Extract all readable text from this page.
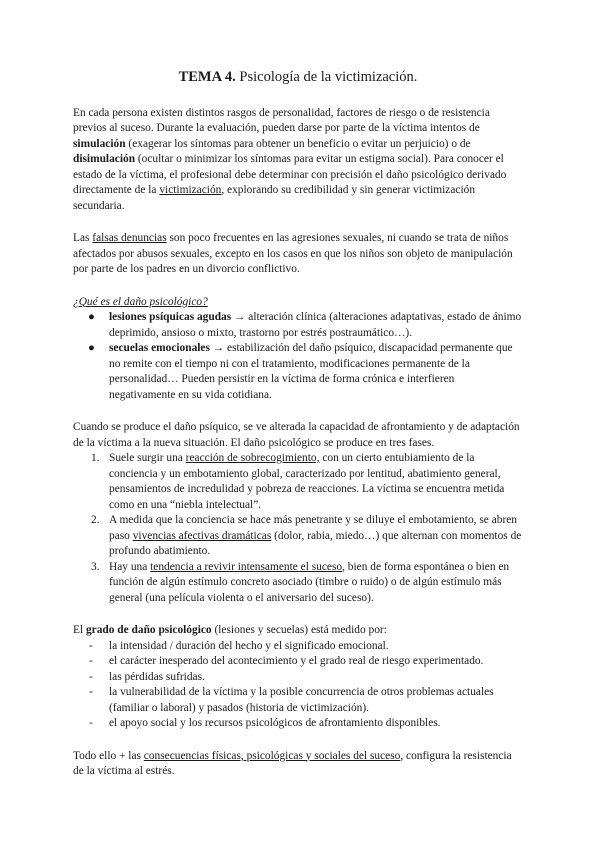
TEMA 4. Psicología de la victimización.

En cada persona existen distintos rasgos de personalidad, factores de riesgo o de resistencia previos al suceso. Durante la evaluación, pueden darse por parte de la víctima intentos de simulación (exagerar los síntomas para obtener un beneficio o evitar un perjuicio) o de disimulación (ocultar o minimizar los síntomas para evitar un estigma social). Para conocer el estado de la víctima, el profesional debe determinar con precisión el daño psicológico derivado directamente de la victimización, explorando su credibilidad y sin generar victimización secundaria.

Las falsas denuncias son poco frecuentes en las agresiones sexuales, ni cuando se trata de niños afectados por abusos sexuales, excepto en los casos en que los niños son objeto de manipulación por parte de los padres en un divorcio conflictivo.

¿Qué es el daño psicológico?
● lesiones psíquicas agudas → alteración clínica (alteraciones adaptativas, estado de ánimo deprimido, ansioso o mixto, trastorno por estrés postraumático…).
● secuelas emocionales → estabilización del daño psíquico, discapacidad permanente que no remite con el tiempo ni con el tratamiento, modificaciones permanente de la personalidad… Pueden persistir en la víctima de forma crónica e interfieren negativamente en su vida cotidiana.

Cuando se produce el daño psíquico, se ve alterada la capacidad de afrontamiento y de adaptación de la víctima a la nueva situación. El daño psicológico se produce en tres fases.

1. Suele surgir una reacción de sobrecogimiento, con un cierto entubiamiento de la conciencia y un embotamiento global, caracterizado por lentitud, abatimiento general, pensamientos de incredulidad y pobreza de reacciones. La víctima se encuentra metida como en una “niebla intelectual”.
2. A medida que la conciencia se hace más penetrante y se diluye el embotamiento, se abren paso vivencias afectivas dramáticas (dolor, rabia, miedo…) que alternan con momentos de profundo abatimiento.
3. Hay una tendencia a revivir intensamente el suceso, bien de forma espontánea o bien en función de algún estímulo concreto asociado (timbre o ruido) o de algún estímulo más general (una película violenta o el aniversario del suceso).

El grado de daño psicológico (lesiones y secuelas) está medido por:

- la intensidad / duración del hecho y el significado emocional.
- el carácter inesperado del acontecimiento y el grado real de riesgo experimentado.
- las pérdidas sufridas.
- la vulnerabilidad de la víctima y la posible concurrencia de otros problemas actuales (familiar o laboral) y pasados (historia de victimización).
- el apoyo social y los recursos psicológicos de afrontamiento disponibles.

Todo ello + las consecuencias físicas, psicológicas y sociales del suceso, configura la resistencia de la víctima al estrés.
